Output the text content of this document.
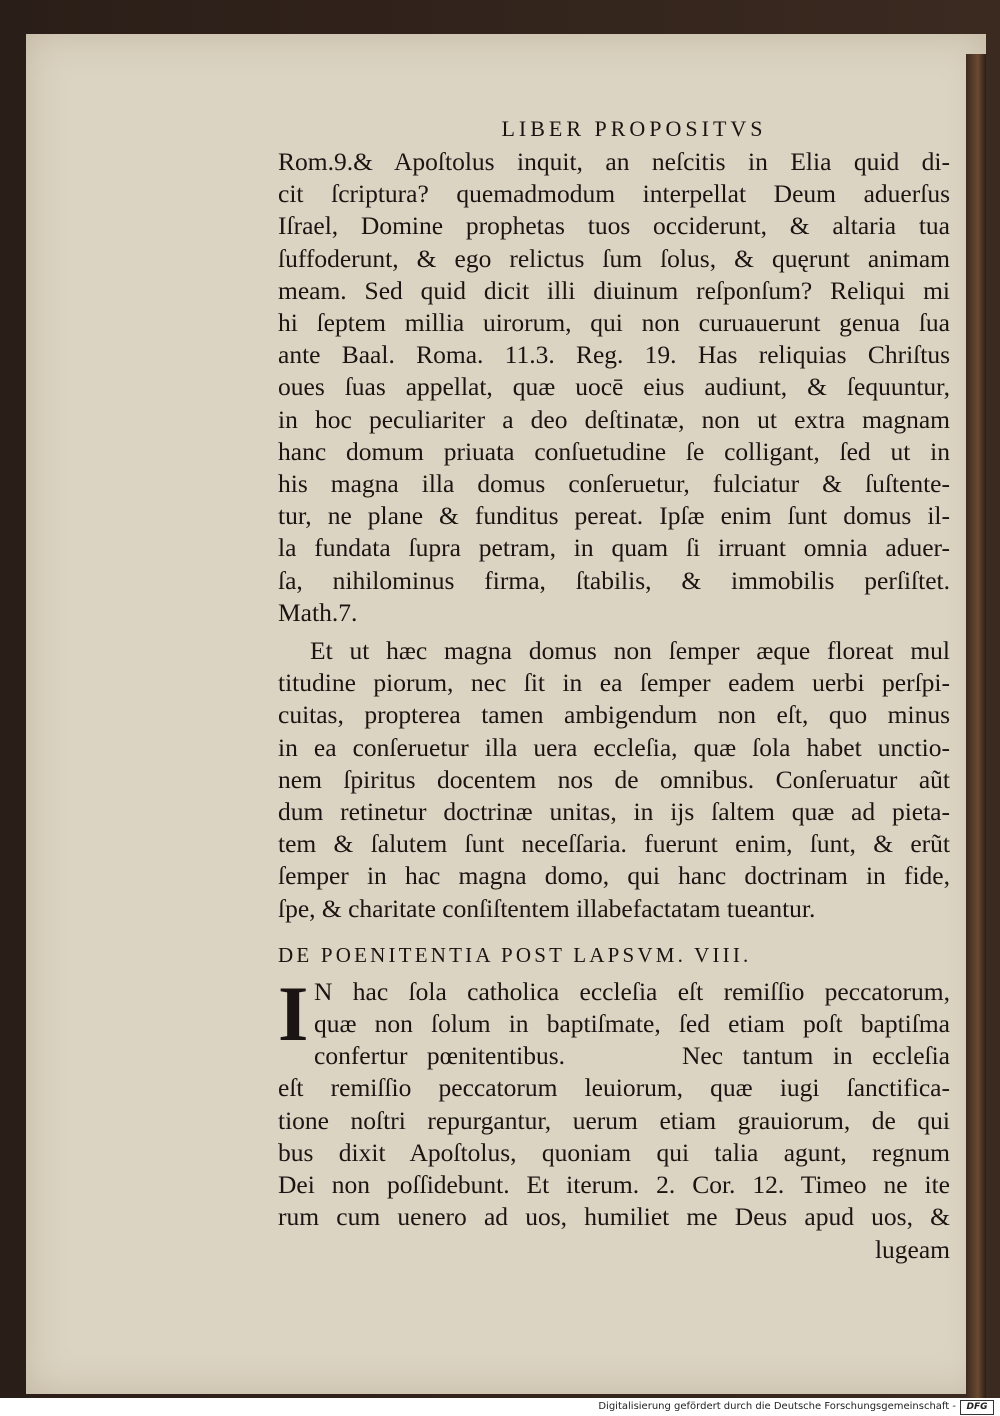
LIBER PROPOSITVS

Rom.9.& Apoſtolus inquit, an neſcitis in Elia quid di-

cit ſcriptura? quemadmodum interpellat Deum aduerſus

Iſrael, Domine prophetas tuos occiderunt, & altaria tua

ſuffoderunt, & ego relictus ſum ſolus, & quęrunt animam

meam. Sed quid dicit illi diuinum reſponſum? Reliqui mi

hi ſeptem millia uirorum, qui non curuauerunt genua ſua

ante Baal. Roma. 11.3. Reg. 19. Has reliquias Chriſtus

oues ſuas appellat, quæ uocē eius audiunt, & ſequuntur,

in hoc peculiariter a deo deſtinatæ, non ut extra magnam

hanc domum priuata conſuetudine ſe colligant, ſed ut in

his magna illa domus conſeruetur, fulciatur & ſuſtente-

tur, ne plane & funditus pereat. Ipſæ enim ſunt domus il-

la fundata ſupra petram, in quam ſi irruant omnia aduer-

ſa, nihilominus firma, ſtabilis, & immobilis perſiſtet.

Math.7.

Et ut hæc magna domus non ſemper æque floreat mul

titudine piorum, nec ſit in ea ſemper eadem uerbi perſpi-

cuitas, propterea tamen ambigendum non eſt, quo minus

in ea conſeruetur illa uera eccleſia, quæ ſola habet unctio-

nem ſpiritus docentem nos de omnibus. Conſeruatur aũt

dum retinetur doctrinæ unitas, in ijs ſaltem quæ ad pieta-

tem & ſalutem ſunt neceſſaria. fuerunt enim, ſunt, & erũt

ſemper in hac magna domo, qui hanc doctrinam in fide,

ſpe, & charitate conſiſtentem illabefactatam tueantur.

DE POENITENTIA POST LAPSVM. VIII.
I N hac ſola catholica eccleſia eſt remiſſio peccatorum,

quæ non ſolum in baptiſmate, ſed etiam poſt baptiſma

confertur pœnitentibus.      Nec tantum in eccleſia

eſt remiſſio peccatorum leuiorum, quæ iugi ſanctifica-

tione noſtri repurgantur, uerum etiam grauiorum, de qui

bus dixit Apoſtolus, quoniam qui talia agunt, regnum

Dei non poſſidebunt. Et iterum. 2. Cor. 12. Timeo ne ite

rum cum uenero ad uos, humiliet me Deus apud uos, &

lugeam

Digitalisierung gefördert durch die Deutsche Forschungsgemeinschaft -	DFG
